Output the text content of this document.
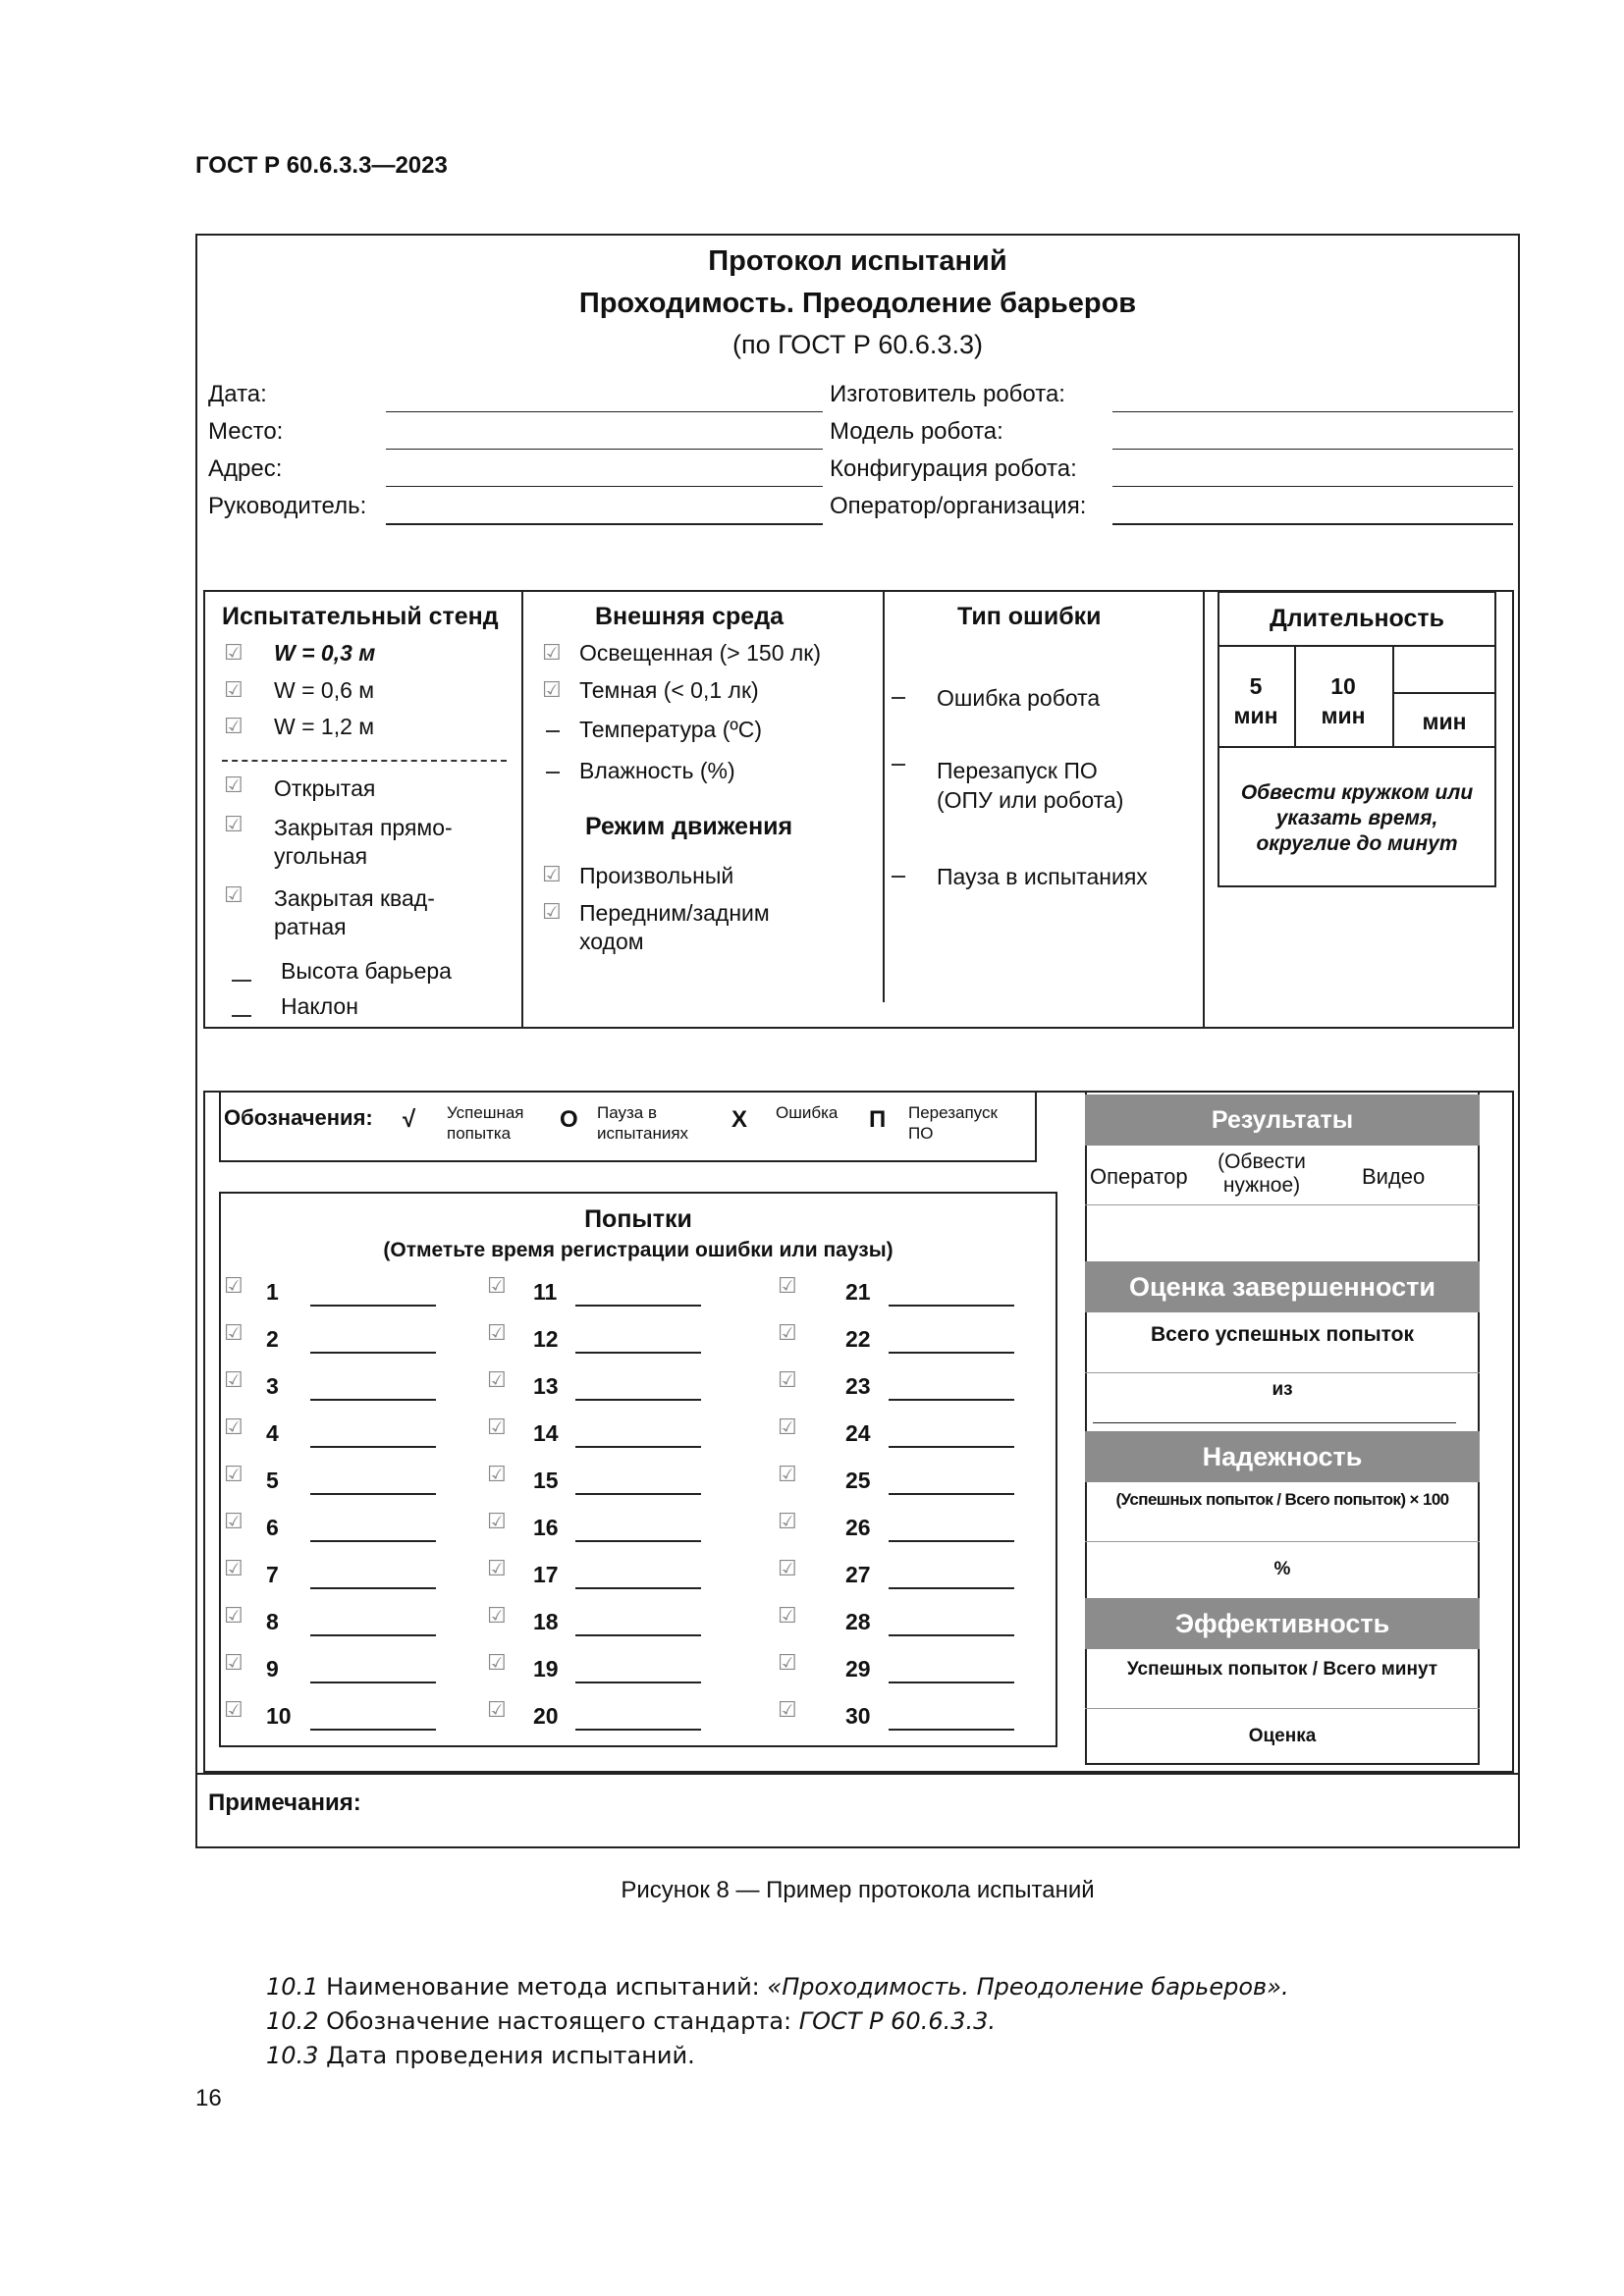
ГОСТ Р 60.6.3.3—2023
Протокол испытаний
Проходимость. Преодоление барьеров
(по ГОСТ Р 60.6.3.3)
Дата:
Место:
Адрес:
Руководитель:
Изготовитель робота:
Модель робота:
Конфигурация робота:
Оператор/организация:
Испытательный стенд
☑ W = 0,3 м
☑ W = 0,6 м
☑ W = 1,2 м
☑ Открытая
☑ Закрытая прямо-
угольная
☑ Закрытая квад-
ратная
Высота барьера
Наклон
Внешняя среда
☑ Освещенная (> 150 лк)
☑ Темная (< 0,1 лк)
Температура (ºC)
Влажность (%)
☑ Произвольный
☑ Передним/задним
ходом
Режим движения
Тип ошибки
Ошибка робота
Перезапуск ПО
(ОПУ или робота)
Пауза в испытаниях
Длительность
5
мин
10
мин	мин
Обвести кружком или
указать время,
округлие до минут
Обозначения: √ Успешная
попытка
О Пауза в
испытаниях
Х Ошибка П Перезапуск
ПО
Попытки
(Отметьте время регистрации ошибки или паузы)
☑ 1
☑ 2
☑ 3
☑ 4
☑ 5
☑ 6
☑ 7
☑ 8
☑ 9
☑ 10
☑ 11
☑ 12
☑ 13
☑ 14
☑ 15
☑ 16
☑ 17
☑ 18
☑ 19
☑ 20
☑ 21
☑ 22
☑ 23
☑ 24
☑ 25
☑ 26
☑ 27
☑ 28
☑ 29
☑ 30
Результаты
Оператор
(Обвести
нужное)	Видео
Оценка завершенности
Всего успешных попыток
из
Надежность
(Успешных попыток / Всего попыток) × 100
%
Эффективность
Успешных попыток / Всего минут
Оценка
Примечания:
Рисунок 8 — Пример протокола испытаний
10.1 Наименование метода испытаний: «Проходимость. Преодоление барьеров».
10.2 Обозначение настоящего стандарта: ГОСТ Р 60.6.3.3.
10.3 Дата проведения испытаний.
16
